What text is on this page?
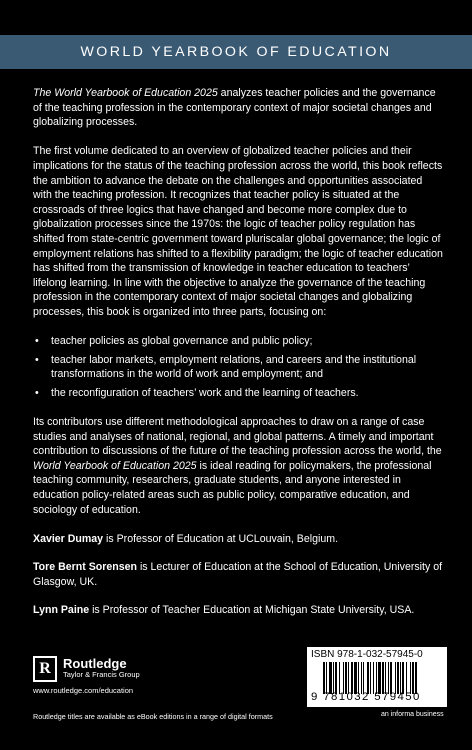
WORLD YEARBOOK OF EDUCATION

The World Yearbook of Education 2025 analyzes teacher policies and the governance of the teaching profession in the contemporary context of major societal changes and globalizing processes.

The first volume dedicated to an overview of globalized teacher policies and their implications for the status of the teaching profession across the world, this book reflects the ambition to advance the debate on the challenges and opportunities associated with the teaching profession. It recognizes that teacher policy is situated at the crossroads of three logics that have changed and become more complex due to globalization processes since the 1970s: the logic of teacher policy regulation has shifted from state-centric government toward pluriscalar global governance; the logic of employment relations has shifted to a flexibility paradigm; the logic of teacher education has shifted from the transmission of knowledge in teacher education to teachers’ lifelong learning. In line with the objective to analyze the governance of the teaching profession in the contemporary context of major societal changes and globalizing processes, this book is organized into three parts, focusing on:

• teacher policies as global governance and public policy;
• teacher labor markets, employment relations, and careers and the institutional transformations in the world of work and employment; and
• the reconfiguration of teachers’ work and the learning of teachers.

Its contributors use different methodological approaches to draw on a range of case studies and analyses of national, regional, and global patterns. A timely and important contribution to discussions of the future of the teaching profession across the world, the World Yearbook of Education 2025 is ideal reading for policymakers, the professional teaching community, researchers, graduate students, and anyone interested in education policy-related areas such as public policy, comparative education, and sociology of education.

Xavier Dumay is Professor of Education at UCLouvain, Belgium.

Tore Bernt Sorensen is Lecturer of Education at the School of Education, University of Glasgow, UK.

Lynn Paine is Professor of Teacher Education at Michigan State University, USA.

R Routledge
Taylor & Francis Group
www.routledge.com/education
Routledge titles are available as eBook editions in a range of digital formats
ISBN 978-1-032-57945-0
9 781032 579450
an informa business
